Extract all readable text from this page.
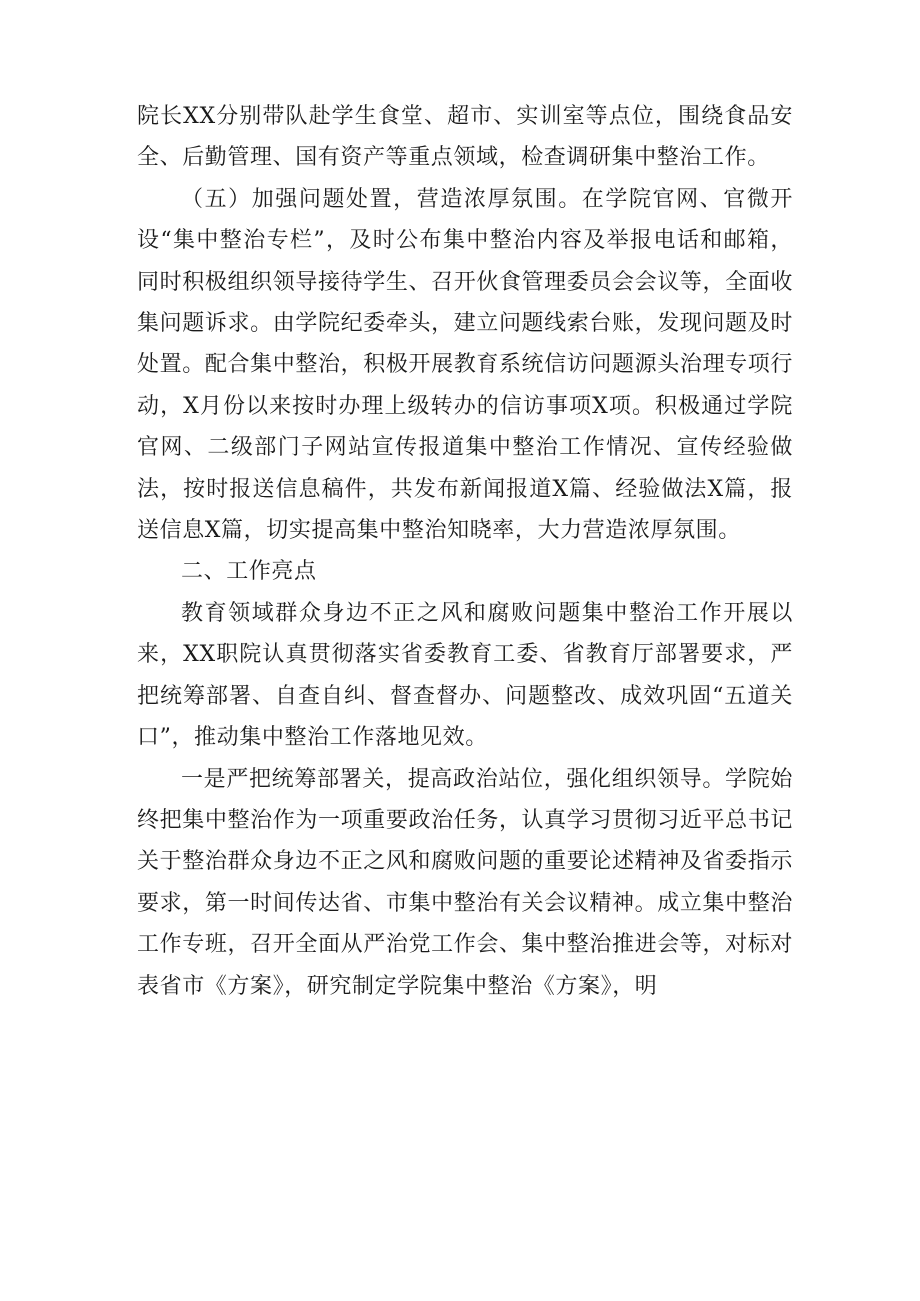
院长XX分别带队赴学生食堂、超市、实训室等点位，围绕食品安全、后勤管理、国有资产等重点领域，检查调研集中整治工作。

（五）加强问题处置，营造浓厚氛围。在学院官网、官微开设“集中整治专栏”，及时公布集中整治内容及举报电话和邮箱，同时积极组织领导接待学生、召开伙食管理委员会会议等，全面收集问题诉求。由学院纪委牵头，建立问题线索台账，发现问题及时处置。配合集中整治，积极开展教育系统信访问题源头治理专项行动，X月份以来按时办理上级转办的信访事项X项。积极通过学院官网、二级部门子网站宣传报道集中整治工作情况、宣传经验做法，按时报送信息稿件，共发布新闻报道X篇、经验做法X篇，报送信息X篇，切实提高集中整治知晓率，大力营造浓厚氛围。

二、工作亮点

教育领域群众身边不正之风和腐败问题集中整治工作开展以来，XX职院认真贯彻落实省委教育工委、省教育厅部署要求，严把统筹部署、自查自纠、督查督办、问题整改、成效巩固“五道关口”，推动集中整治工作落地见效。

一是严把统筹部署关，提高政治站位，强化组织领导。学院始终把集中整治作为一项重要政治任务，认真学习贯彻习近平总书记关于整治群众身边不正之风和腐败问题的重要论述精神及省委指示要求，第一时间传达省、市集中整治有关会议精神。成立集中整治工作专班，召开全面从严治党工作会、集中整治推进会等，对标对表省市《方案》，研究制定学院集中整治《方案》，明
